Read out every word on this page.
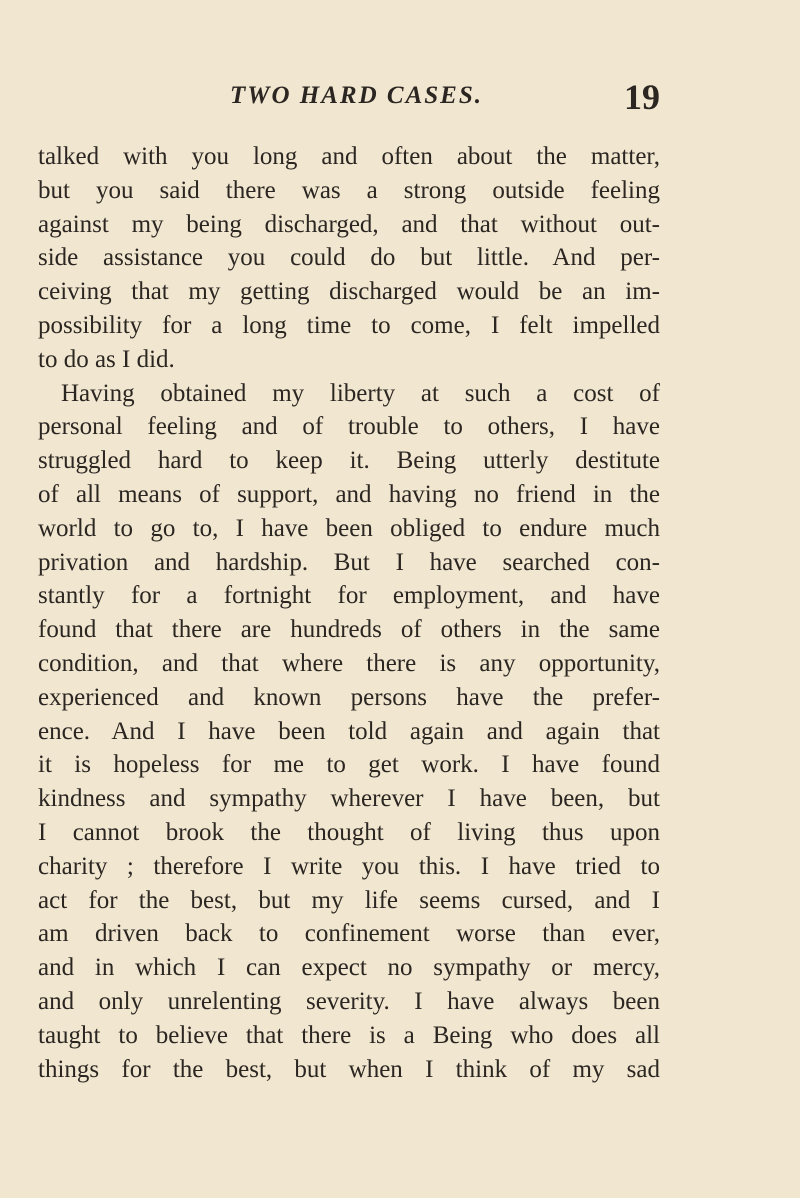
TWO HARD CASES.	19
talked with you long and often about the matter,
but you said there was a strong outside feeling
against my being discharged, and that without out-
side assistance you could do but little. And per-
ceiving that my getting discharged would be an im-
possibility for a long time to come, I felt impelled
to do as I did.
Having obtained my liberty at such a cost of
personal feeling and of trouble to others, I have
struggled hard to keep it. Being utterly destitute
of all means of support, and having no friend in the
world to go to, I have been obliged to endure much
privation and hardship. But I have searched con-
stantly for a fortnight for employment, and have
found that there are hundreds of others in the same
condition, and that where there is any opportunity,
experienced and known persons have the prefer-
ence. And I have been told again and again that
it is hopeless for me to get work. I have found
kindness and sympathy wherever I have been, but
I cannot brook the thought of living thus upon
charity ; therefore I write you this. I have tried to
act for the best, but my life seems cursed, and I
am driven back to confinement worse than ever,
and in which I can expect no sympathy or mercy,
and only unrelenting severity. I have always been
taught to believe that there is a Being who does all
things for the best, but when I think of my sad
